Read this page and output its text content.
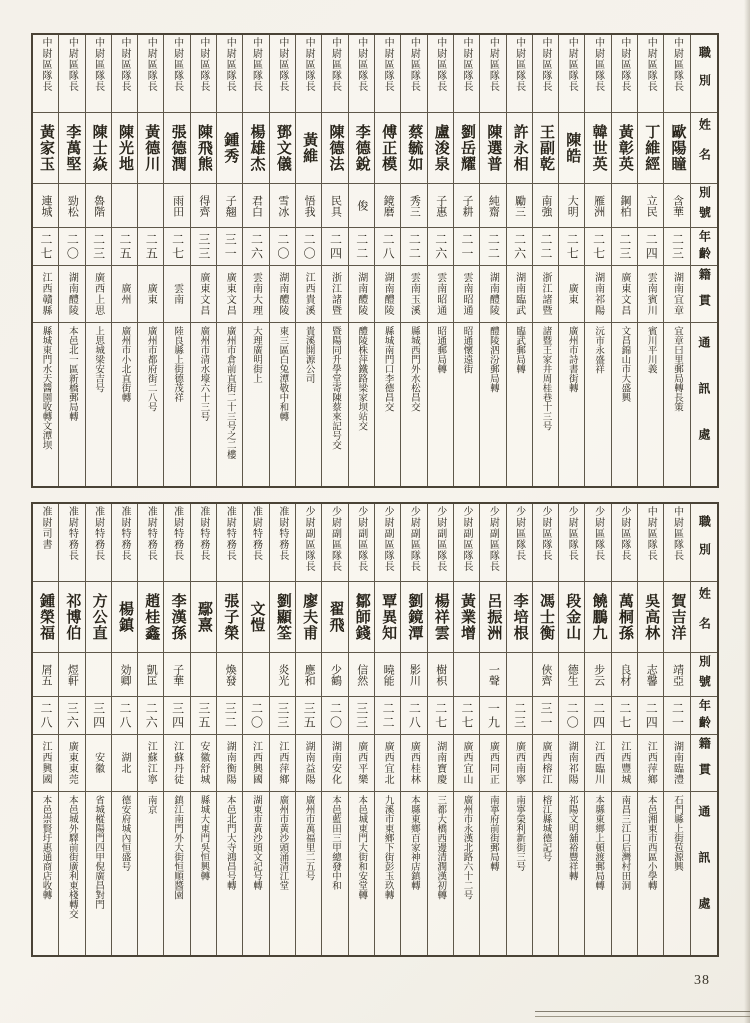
職別
姓名
別號
年齡
籍貫
通訊處
中尉區隊長
歐陽瞳
含華
二三
湖南宜章
宜章曰里郵局轉長策
中尉區隊長
丁維經
立民
二四
雲南賓川
賓川平川義
中尉區隊長
黃彰英
鋼柏
二三
廣東文昌
文昌錦山市大盛興
中尉區隊長
韓世英
雁洲
二七
湖南祁陽
沅市永盛祥
中尉區隊長
陳皓
大明
二七
廣東
廣州市詩書街轉
中尉區隊長
王副乾
南強
二二
浙江諸暨
諸暨王家井周桂巷十三号
中尉區隊長
許永相
勵三
二六
湖南臨武
臨武郵局轉
中尉區隊長
陳選普
純齋
二二
湖南醴陵
醴陵泗汾郵局轉
中尉區隊長
劉岳耀
子耕
二一
雲南昭通
昭通懷遠街
中尉區隊長
盧浚泉
子惠
二六
雲南昭通
昭通郵局轉
中尉區隊長
蔡毓如
秀三
二二
雲南玉溪
縣城西門外水松昌交
中尉區隊長
傅正模
鏡磨
二八
湖南醴陵
縣城南門口李德昌交
中尉區隊長
李德銳
俊
二二
湖南醴陵
醴陵株萍鐵路梁家坝站交
中尉區隊長
陳德法
民具
二四
浙江諸暨
暨陽同升學堂寄陳蔡來記号交
中尉區隊長
黃維
悟我
二〇
江西貴溪
貴溪開源公司
中尉區隊長
鄧文儀
雪冰
二〇
湖南醴陵
東三區白兔潭敬中和轉
中尉區隊長
楊雄杰
君白
二六
雲南大理
大理廣明街上
中尉區隊長
鍾秀
子翹
三一
廣東文昌
廣州市倉前直街二十三号之二樓
中尉區隊長
陳飛熊
得齊
三三
廣東文昌
廣州市清水壕六十三号
中尉區隊長
張德潤
雨田
二七
雲南
陸良縣上街德茂祥
中尉區隊長
黃德川
二五
廣東
廣州市都府街二八号
中尉區隊長
陳光地
二五
廣州
廣州市小北直街轉
中尉區隊長
陳士焱
魯階
二三
廣西上思
上思城梁安吉号
中尉區隊長
李萬堅
勁松
二〇
湖南醴陵
本邑北一區新橋郵局轉
中尉區隊長
黃家玉
連城
二七
江西贛縣
縣城東門水天醬園收轉文潭坝
職別
姓名
別號
年齡
籍貫
通訊處
中尉區隊長
賀吉洋
靖亞
二一
湖南臨澧
石門縣上街苞源興
中尉區隊長
吳高林
志馨
二四
江西萍鄉
本邑湘東市西區小學轉
少尉區隊長
萬桐孫
良材
二七
江西豐城
南昌三江口后灣村田洞
少尉區隊長
饒鵬九
步云
二四
江西臨川
本縣東鄉上頓渡郵局轉
少尉區隊長
段金山
德生
二〇
湖南祁陽
祁陽文明舖裕豐祥轉
少尉區隊長
馮士衡
俠齊
三一
廣西榕江
榕江縣城德記号
少尉區隊長
李培根
二三
廣西南寧
南寧榮利新街三号
少尉副區隊長
呂振洲
一聲
一九
廣西同正
南寧府前街郵局轉
少尉副區隊長
黃業增
二七
廣西宜山
廣州市永漢北路六十二号
少尉副區隊長
楊祥雲
樹枳
二七
湖南寶慶
三都大橋西邊清潤漢初轉
少尉副區隊長
劉鏡潭
影川
二八
廣西桂林
本縣東鄉百家神店鎮轉
少尉副區隊長
覃異知
曉能
二二
廣西宜北
九溪市東鄉下街彭玉玖轉
少尉副區隊長
鄒師錢
信然
三三
廣西平樂
本邑城東門大街和安堂轉
少尉副區隊長
翟飛
少鶴
二〇
湖南安化
本邑藍田三甲總發中和
少尉副區隊長
廖夫甫
應和
三五
湖南益陽
廣州市萬福里二五号
准尉特務長
劉顯筌
炎光
三三
江西萍鄉
廣州市黃沙頭涌清江堂
准尉特務長
文愷
二〇
江西興國
湖東市黃沙頭文記号轉
准尉特務長
張子榮
煥發
三二
湖南衡陽
本邑北門大寺鴻昌号轉
准尉特務長
鄢熹
三五
安徽舒城
縣城大東門吳恒興轉
准尉特務長
李漢孫
子華
三四
江蘇丹徒
鎮江南門外大街恒順醬園
准尉特務長
趙桂鑫
凱匡
二六
江蘇江寧
南京
准尉特務長
楊鎮
効卿
二八
湖北
德安府城內恒盛号
准尉特務長
方公直
三四
安徽
省城樅陽門四甲倪廣昌對門
准尉特務長
祁博伯
煜軒
三六
廣東東莞
本邑城外驛前街廣利東棧轉交
准尉司書
鍾榮福
屑五
二八
江西興國
本邑崇賢圩惠通商店收轉
38
